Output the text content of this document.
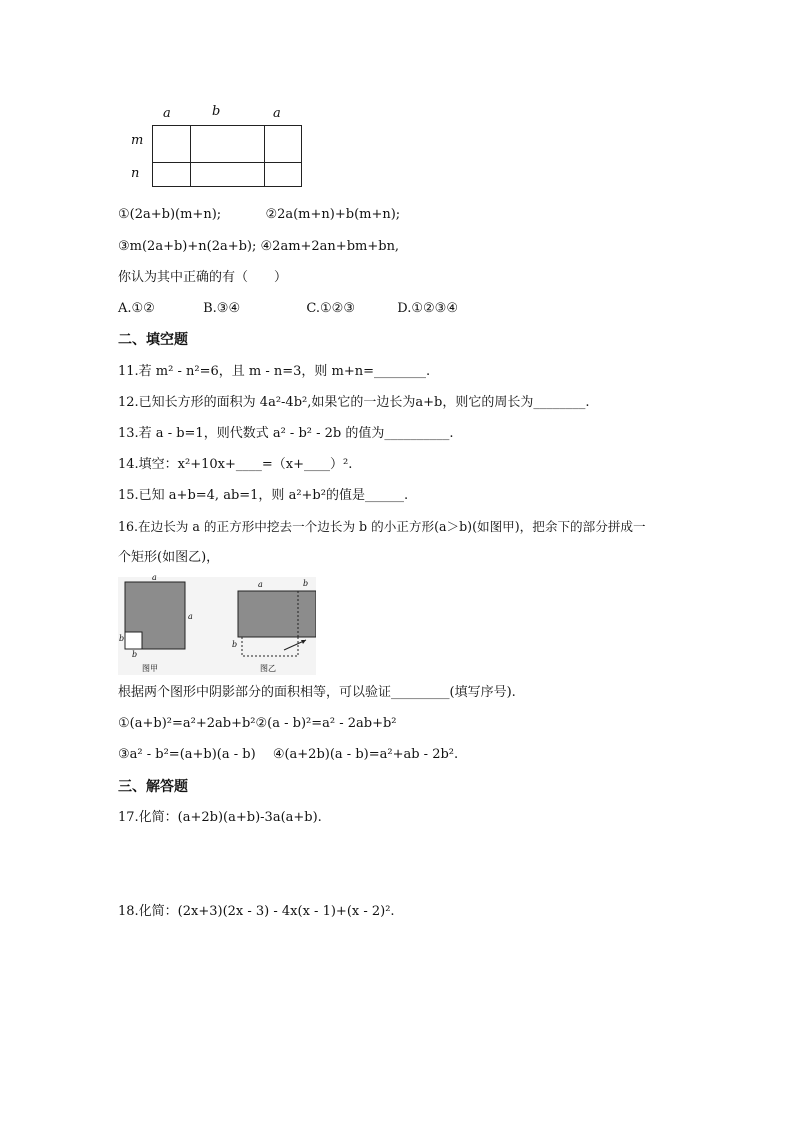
a	b	a
m
n
①(2a+b)(m+n);	②2a(m+n)+b(m+n);
③m(2a+b)+n(2a+b); ④2am+2an+bm+bn,
你认为其中正确的有（　　）
A.①②	B.③④	C.①②③	D.①②③④
二、填空题
11.若 m² - n²=6，且 m - n=3，则 m+n=________.
12.已知长方形的面积为 4a²-4b²,如果它的一边长为a+b，则它的周长为________.
13.若 a - b=1，则代数式 a² - b² - 2b 的值为__________.
14.填空：x²+10x+____=（x+____）².
15.已知 a+b=4, ab=1，则 a²+b²的值是______.
16.在边长为 a 的正方形中挖去一个边长为 b 的小正方形(a＞b)(如图甲)，把余下的部分拼成一
个矩形(如图乙)，
a
a
b
b
图甲
a	b
b
图乙
根据两个图形中阴影部分的面积相等，可以验证_________(填写序号).
①(a+b)²=a²+2ab+b²②(a - b)²=a² - 2ab+b²
③a² - b²=(a+b)(a - b)　 ④(a+2b)(a - b)=a²+ab - 2b².
三、解答题
17.化简：(a+2b)(a+b)-3a(a+b).
18.化简：(2x+3)(2x - 3) - 4x(x - 1)+(x - 2)².
